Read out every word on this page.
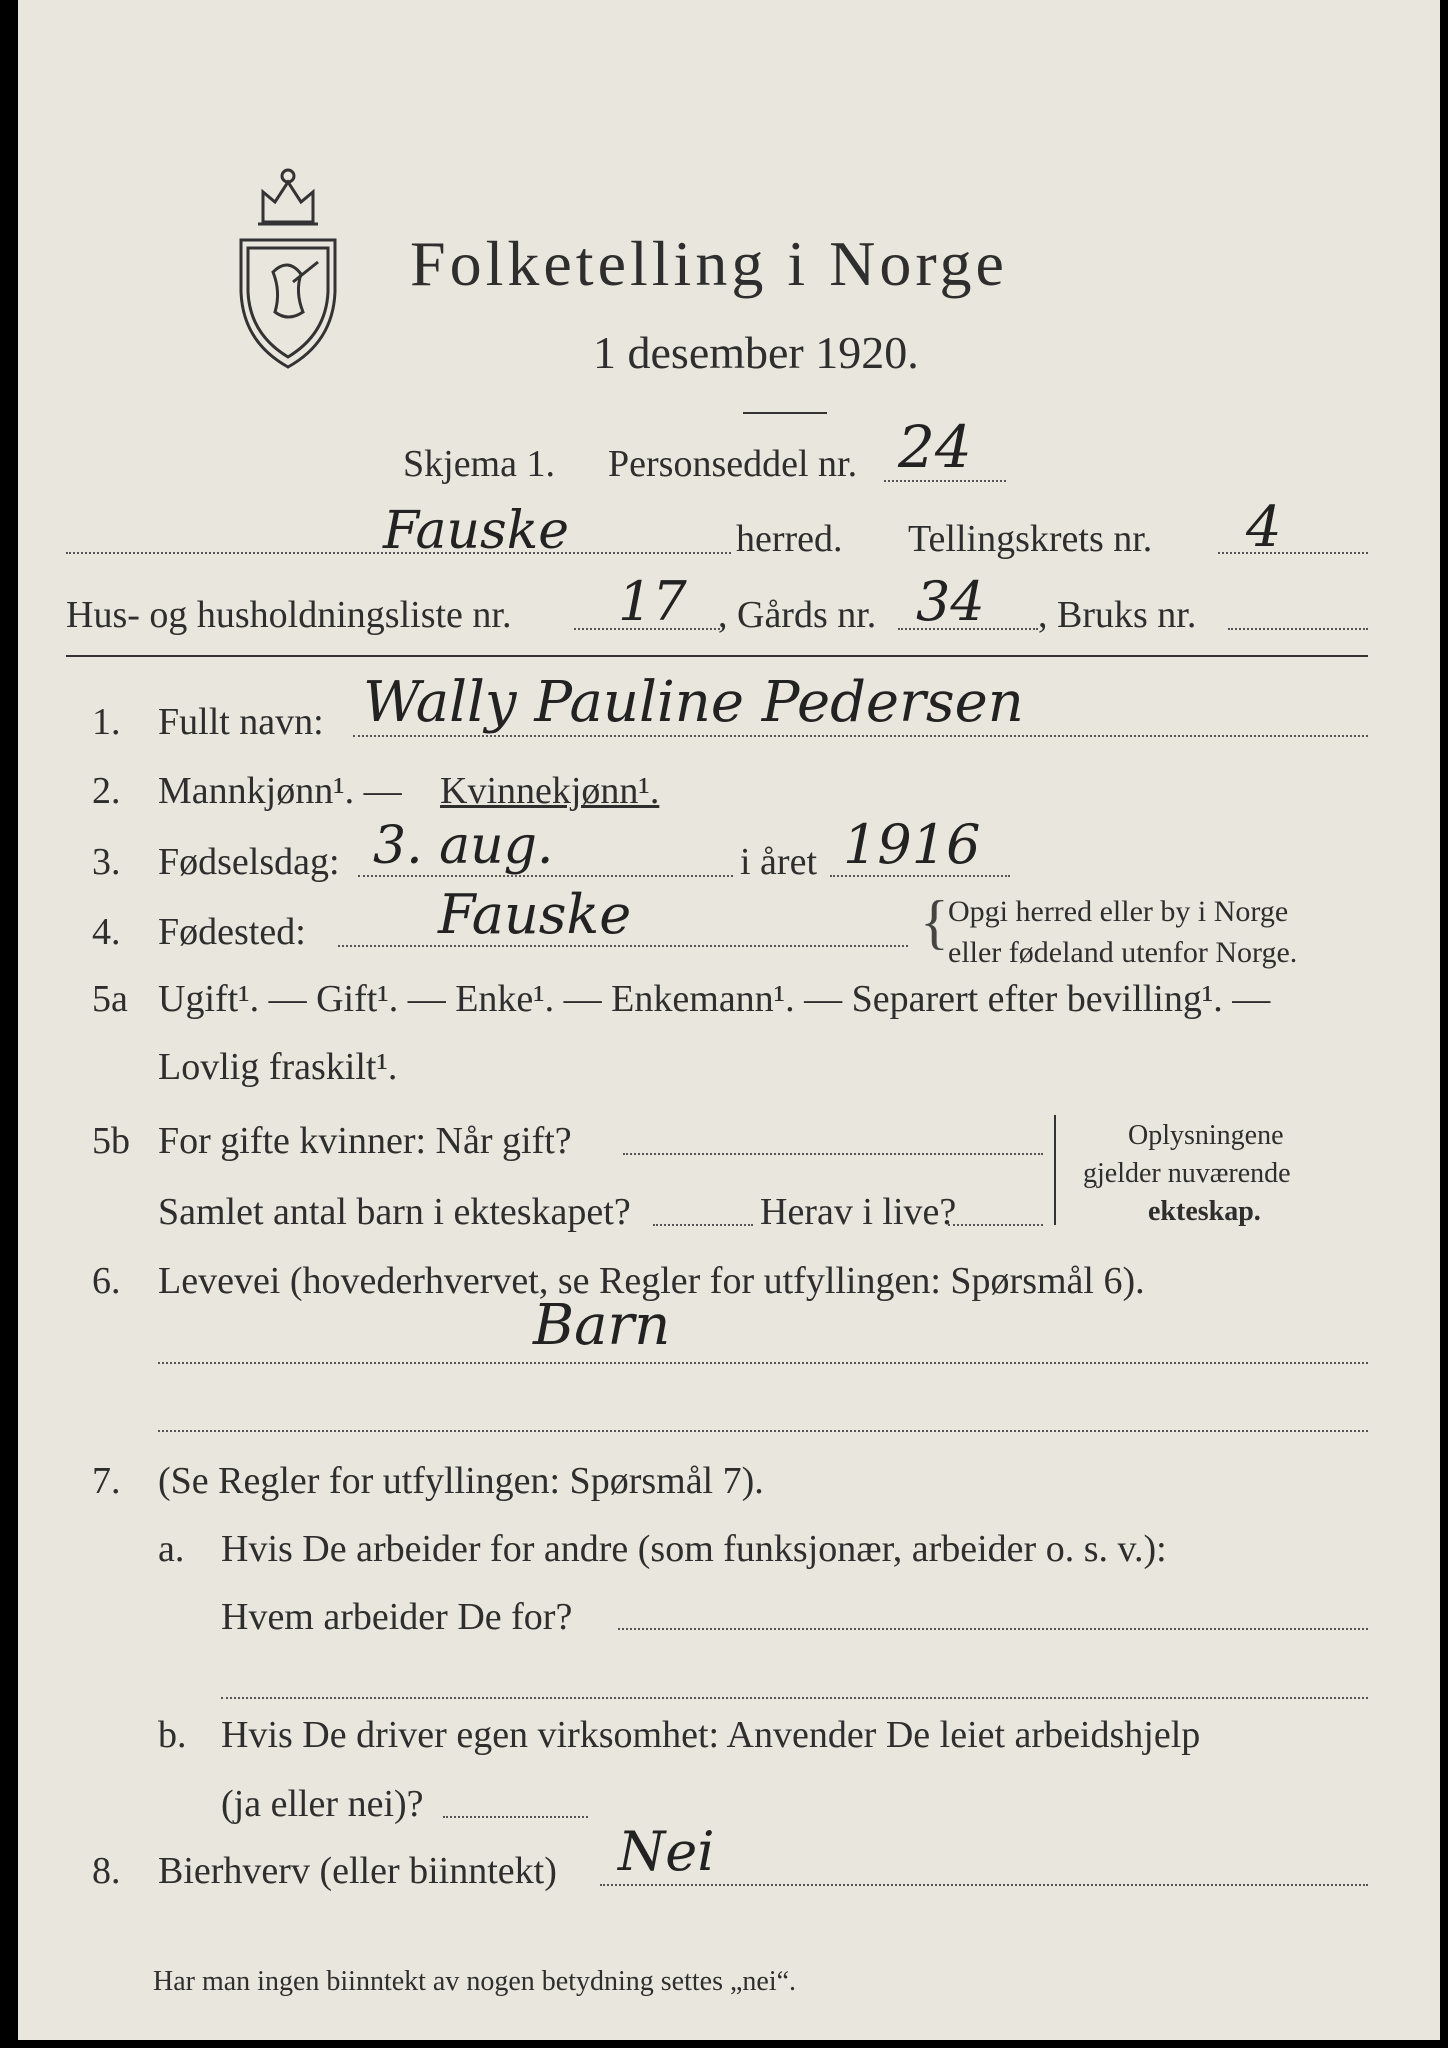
Folketelling i Norge
1 desember 1920.
Skjema 1. Personseddel nr. 24
Fauske	herred. Tellingskrets nr. 4
Hus- og husholdningsliste nr. 17 , Gårds nr. 34 , Bruks nr.
1. Fullt navn: Wally Pauline Pedersen
2. Mannkjønn¹. — Kvinnekjønn¹.
3. Fødselsdag: 3. aug.	i året 1916
4. Fødested: Fauske	{ Opgi herred eller by i Norge
eller fødeland utenfor Norge.
5a Ugift¹. — Gift¹. — Enke¹. — Enkemann¹. — Separert efter bevilling¹. —
Lovlig fraskilt¹.
5b For gifte kvinner: Når gift?
Samlet antal barn i ekteskapet?	Herav i live?
Oplysningene
gjelder nuværende
ekteskap.
6. Levevei (hovederhvervet, se Regler for utfyllingen: Spørsmål 6).
Barn
7. (Se Regler for utfyllingen: Spørsmål 7).
a. Hvis De arbeider for andre (som funksjonær, arbeider o. s. v.):
Hvem arbeider De for?
b. Hvis De driver egen virksomhet: Anvender De leiet arbeidshjelp
(ja eller nei)?
8. Bierhverv (eller biinntekt) Nei
Har man ingen biinntekt av nogen betydning settes „nei“.
